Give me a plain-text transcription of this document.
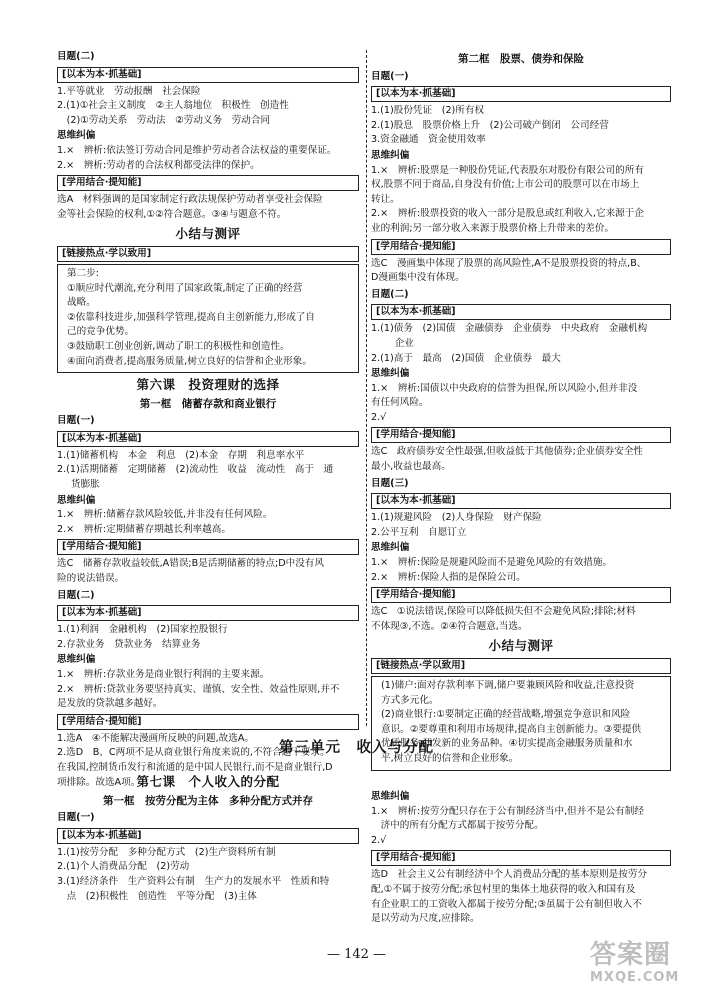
目题(二)
[以本为本·抓基础]
1.平等就业　劳动报酬　社会保险
2.(1)①社会主义制度　②主人翁地位　积极性　创造性
　(2)①劳动关系　劳动法　②劳动义务　劳动合同
思维纠偏
1.×　辨析:依法签订劳动合同是维护劳动者合法权益的重要保证。
2.×　辨析:劳动者的合法权利都受法律的保护。
[学用结合·提知能]
选A　材料强调的是国家制定行政法规保护劳动者享受社会保险
金等社会保险的权利,①②符合题意。③④与题意不符。
小结与测评
[链接热点·学以致用]
第二步:
①顺应时代潮流,充分利用了国家政策,制定了正确的经营
战略。
②依靠科技进步,加强科学管理,提高自主创新能力,形成了自
己的竞争优势。
③鼓励职工创业创新,调动了职工的积极性和创造性。
④面向消费者,提高服务质量,树立良好的信誉和企业形象。
第六课　投资理财的选择
第一框　储蓄存款和商业银行
目题(一)
[以本为本·抓基础]
1.(1)储蓄机构　本金　利息　(2)本金　存期　利息率水平
2.(1)活期储蓄　定期储蓄　(2)流动性　收益　流动性　高于　通
货膨胀
思维纠偏
1.×　辨析:储蓄存款风险较低,并非没有任何风险。
2.×　辨析:定期储蓄存期越长利率越高。
[学用结合·提知能]
选C　储蓄存款收益较低,A错误;B是活期储蓄的特点;D中没有风
险的说法错误。
目题(二)
[以本为本·抓基础]
1.(1)利润　金融机构　(2)国家控股银行
2.存款业务　贷款业务　结算业务
思维纠偏
1.×　辨析:存款业务是商业银行利润的主要来源。
2.×　辨析:贷款业务要坚持真实、谨慎、安全性、效益性原则,并不
是发放的贷款越多越好。
[学用结合·提知能]
1.选A　④不能解决漫画所反映的问题,故选A。
2.选D　B、C两项不是从商业银行角度来说的,不符合题干要求。
在我国,控制货币发行和流通的是中国人民银行,而不是商业银行,D
项排除。故选A项。
第二框　股票、债券和保险
目题(一)
[以本为本·抓基础]
1.(1)股份凭证　(2)所有权
2.(1)股息　股票价格上升　(2)公司破产倒闭　公司经营
3.资金融通　资金使用效率
思维纠偏
1.×　辨析:股票是一种股份凭证,代表股东对股份有限公司的所有
权,股票不同于商品,自身没有价值;上市公司的股票可以在市场上
转让。
2.×　辨析:股票投资的收入一部分是股息或红利收入,它来源于企
业的利润;另一部分收入来源于股票价格上升带来的差价。
[学用结合·提知能]
选C　漫画集中体现了股票的高风险性,A不是股票投资的特点,B、
D漫画集中没有体现。
目题(二)
[以本为本·抓基础]
1.(1)债务　(2)国债　金融债券　企业债券　中央政府　金融机构
　企业
2.(1)高于　最高　(2)国债　企业债券　最大
思维纠偏
1.×　辨析:国债以中央政府的信誉为担保,所以风险小,但并非没
有任何风险。
2.√
[学用结合·提知能]
选C　政府债券安全性最强,但收益低于其他债券;企业债券安全性
最小,收益也最高。
目题(三)
[以本为本·抓基础]
1.(1)规避风险　(2)人身保险　财产保险
2.公平互利　自愿订立
思维纠偏
1.×　辨析:保险是规避风险而不是避免风险的有效措施。
2.×　辨析:保险人指的是保险公司。
[学用结合·提知能]
选C　①说法错误,保险可以降低损失但不会避免风险;排除;材料
不体现③,不选。②④符合题意,当选。
小结与测评
[链接热点·学以致用]
(1)储户:面对存款利率下调,储户要兼顾风险和收益,注意投资
方式多元化。
(2)商业银行:①要制定正确的经营战略,增强竞争意识和风险
意识。②要尊重和利用市场规律,提高自主创新能力。③要提供
优质服务,开发新的业务品种。④切实提高金融服务质量和水
平,树立良好的信誉和企业形象。
第三单元　收入与分配
第七课　个人收入的分配
第一框　按劳分配为主体　多种分配方式并存
目题(一)
[以本为本·抓基础]
1.(1)按劳分配　多种分配方式　(2)生产资料所有制
2.(1)个人消费品分配　(2)劳动
3.(1)经济条件　生产资料公有制　生产力的发展水平　性质和特
　点　(2)积极性　创造性　平等分配　(3)主体
思维纠偏
1.×　辨析:按劳分配只存在于公有制经济当中,但并不是公有制经
　济中的所有分配方式都属于按劳分配。
2.√
[学用结合·提知能]
选D　社会主义公有制经济中个人消费品分配的基本原则是按劳分
配,①不属于按劳分配;承包村里的集体土地获得的收入和国有及
有企业职工的工资收入都属于按劳分配;③虽属于公有制但收入不
是以劳动为尺度,应排除。
— 142 —	答案圈
MXQE.COM
